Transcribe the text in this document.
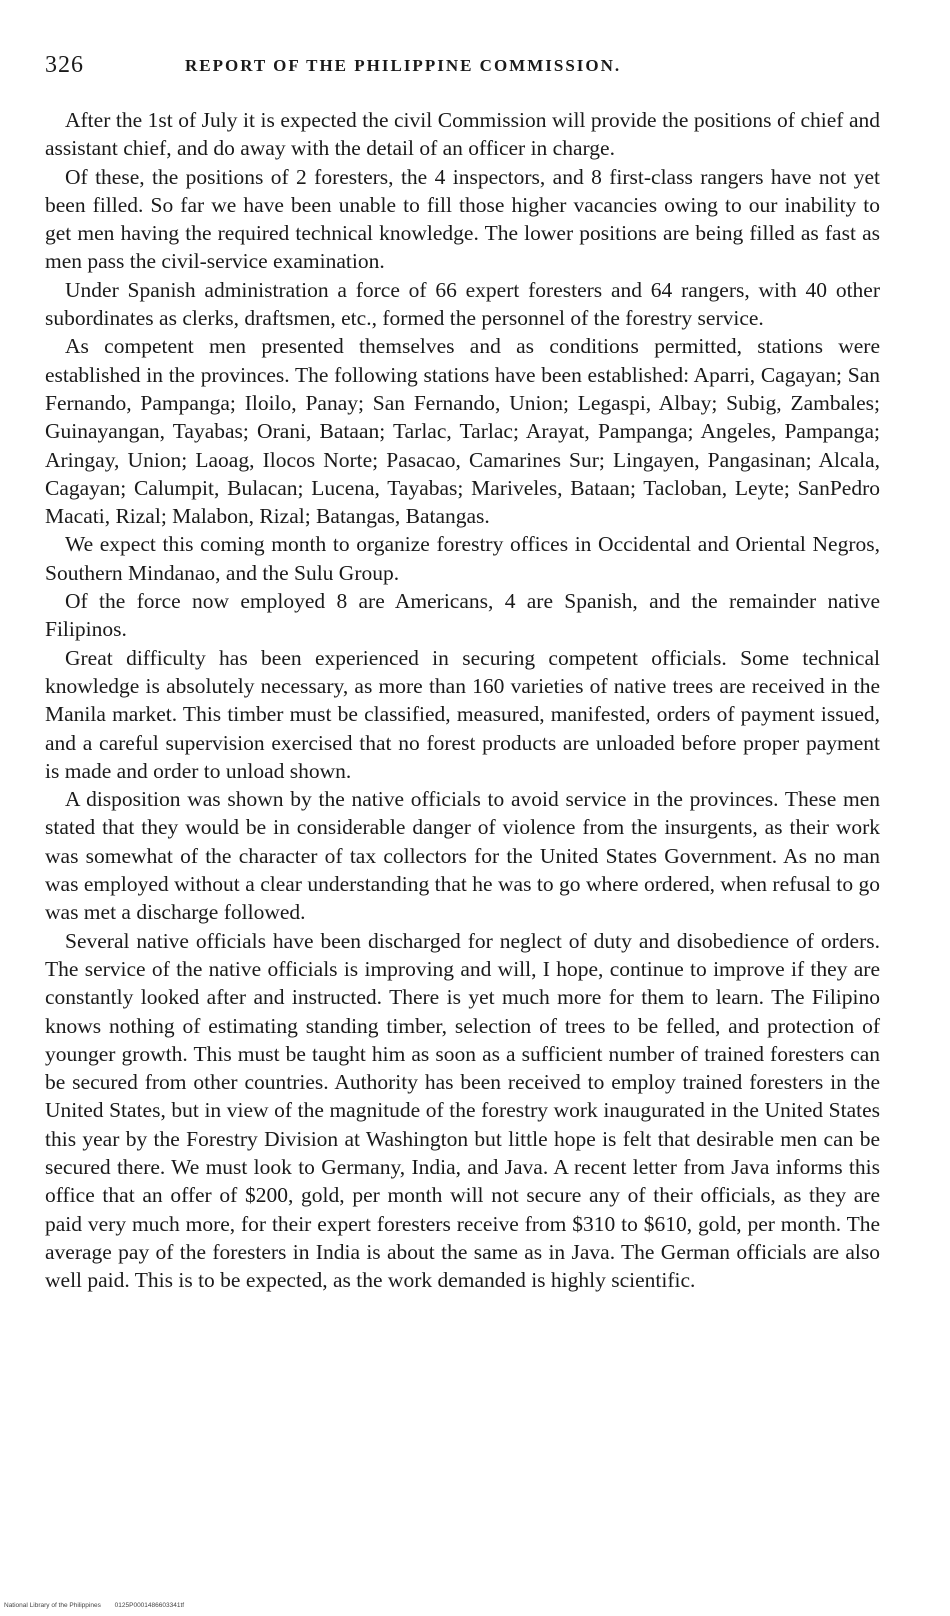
326	REPORT OF THE PHILIPPINE COMMISSION.

After the 1st of July it is expected the civil Commission will provide the positions of chief and assistant chief, and do away with the detail of an officer in charge.

Of these, the positions of 2 foresters, the 4 inspectors, and 8 first-class rangers have not yet been filled. So far we have been unable to fill those higher vacancies owing to our inability to get men having the required technical knowledge. The lower positions are being filled as fast as men pass the civil-service examination.

Under Spanish administration a force of 66 expert foresters and 64 rangers, with 40 other subordinates as clerks, draftsmen, etc., formed the personnel of the forestry service.

As competent men presented themselves and as conditions permitted, stations were established in the provinces. The following stations have been established: Aparri, Cagayan; San Fernando, Pampanga; Iloilo, Panay; San Fernando, Union; Legaspi, Albay; Subig, Zambales; Guinayangan, Tayabas; Orani, Bataan; Tarlac, Tarlac; Arayat, Pampanga; Angeles, Pampanga; Aringay, Union; Laoag, Ilocos Norte; Pasacao, Camarines Sur; Lingayen, Pangasinan; Alcala, Cagayan; Calumpit, Bulacan; Lucena, Tayabas; Mariveles, Bataan; Tacloban, Leyte; SanPedro Macati, Rizal; Malabon, Rizal; Batangas, Batangas.

We expect this coming month to organize forestry offices in Occidental and Oriental Negros, Southern Mindanao, and the Sulu Group.

Of the force now employed 8 are Americans, 4 are Spanish, and the remainder native Filipinos.

Great difficulty has been experienced in securing competent officials. Some technical knowledge is absolutely necessary, as more than 160 varieties of native trees are received in the Manila market. This timber must be classified, measured, manifested, orders of payment issued, and a careful supervision exercised that no forest products are unloaded before proper payment is made and order to unload shown.

A disposition was shown by the native officials to avoid service in the provinces. These men stated that they would be in considerable danger of violence from the insurgents, as their work was somewhat of the character of tax collectors for the United States Government. As no man was employed without a clear understanding that he was to go where ordered, when refusal to go was met a discharge followed.

Several native officials have been discharged for neglect of duty and disobedience of orders. The service of the native officials is improving and will, I hope, continue to improve if they are constantly looked after and instructed. There is yet much more for them to learn. The Filipino knows nothing of estimating standing timber, selection of trees to be felled, and protection of younger growth. This must be taught him as soon as a sufficient number of trained foresters can be secured from other countries. Authority has been received to employ trained foresters in the United States, but in view of the magnitude of the forestry work inaugurated in the United States this year by the Forestry Division at Washington but little hope is felt that desirable men can be secured there. We must look to Germany, India, and Java. A recent letter from Java informs this office that an offer of $200, gold, per month will not secure any of their officials, as they are paid very much more, for their expert foresters receive from $310 to $610, gold, per month. The average pay of the foresters in India is about the same as in Java. The German officials are also well paid. This is to be expected, as the work demanded is highly scientific.

National Library of the Philippines 0125P0001486603341tf
